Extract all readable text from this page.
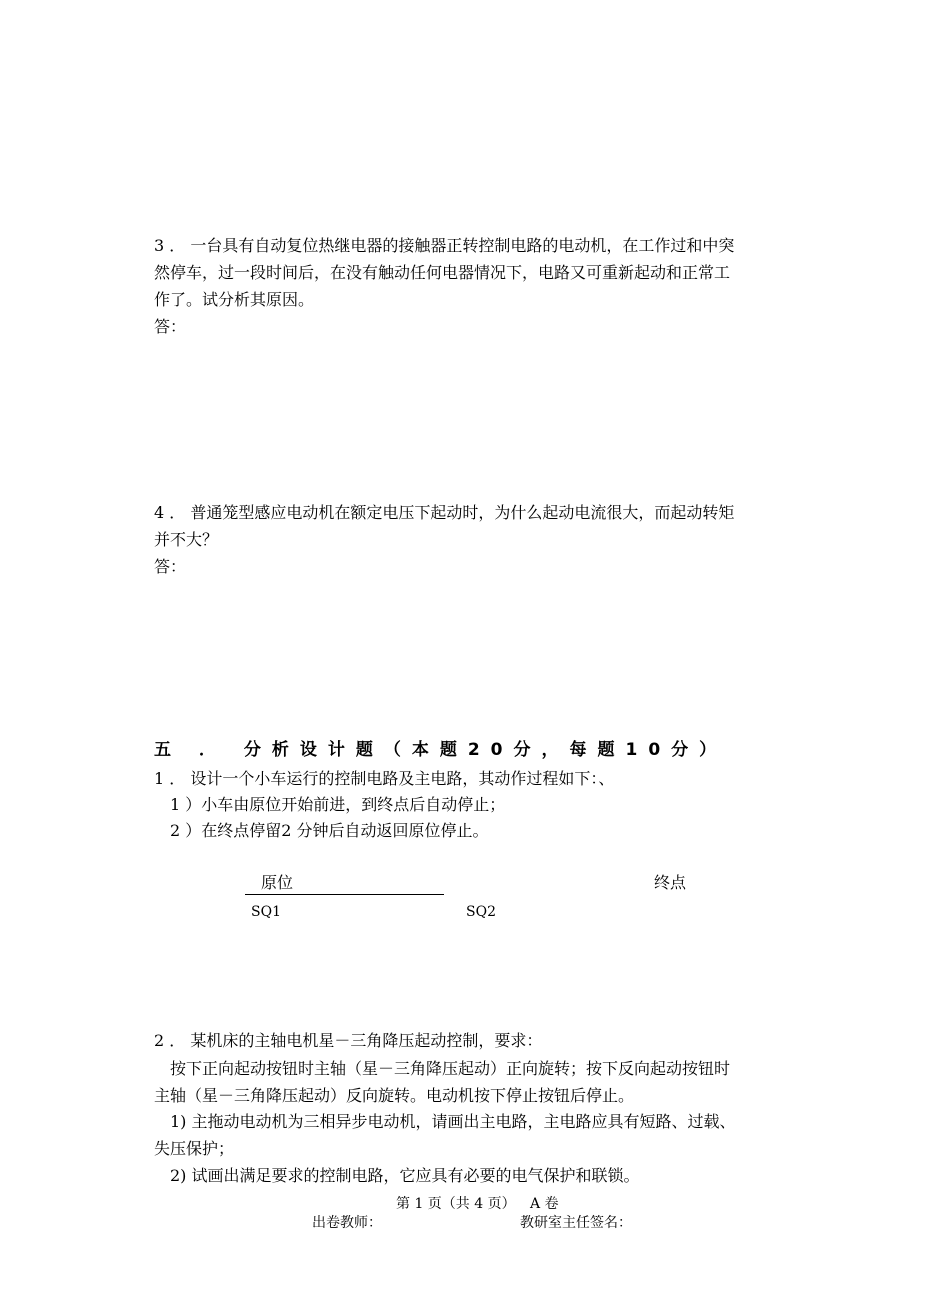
3 ． 一台具有自动复位热继电器的接触器正转控制电路的电动机，在工作过和中突
然停车，过一段时间后，在没有触动任何电器情况下，电路又可重新起动和正常工
作了。试分析其原因。
答：
4 ． 普通笼型感应电动机在额定电压下起动时，为什么起动电流很大，而起动转矩
并不大？
答：
五 ． 分析设计题（本题20分，每题10分）
1 ． 设计一个小车运行的控制电路及主电路，其动作过程如下：、
1 ）小车由原位开始前进，到终点后自动停止；
2 ）在终点停留2 分钟后自动返回原位停止。
原位	终点
SQ1	SQ2
2 ． 某机床的主轴电机星－三角降压起动控制，要求：
按下正向起动按钮时主轴（星－三角降压起动）正向旋转；按下反向起动按钮时
主轴（星－三角降压起动）反向旋转。电动机按下停止按钮后停止。
1) 主拖动电动机为三相异步电动机，请画出主电路，主电路应具有短路、过载、
失压保护；
2) 试画出满足要求的控制电路，它应具有必要的电气保护和联锁。
第 1 页（共 4 页） A 卷
出卷教师：	教研室主任签名：
